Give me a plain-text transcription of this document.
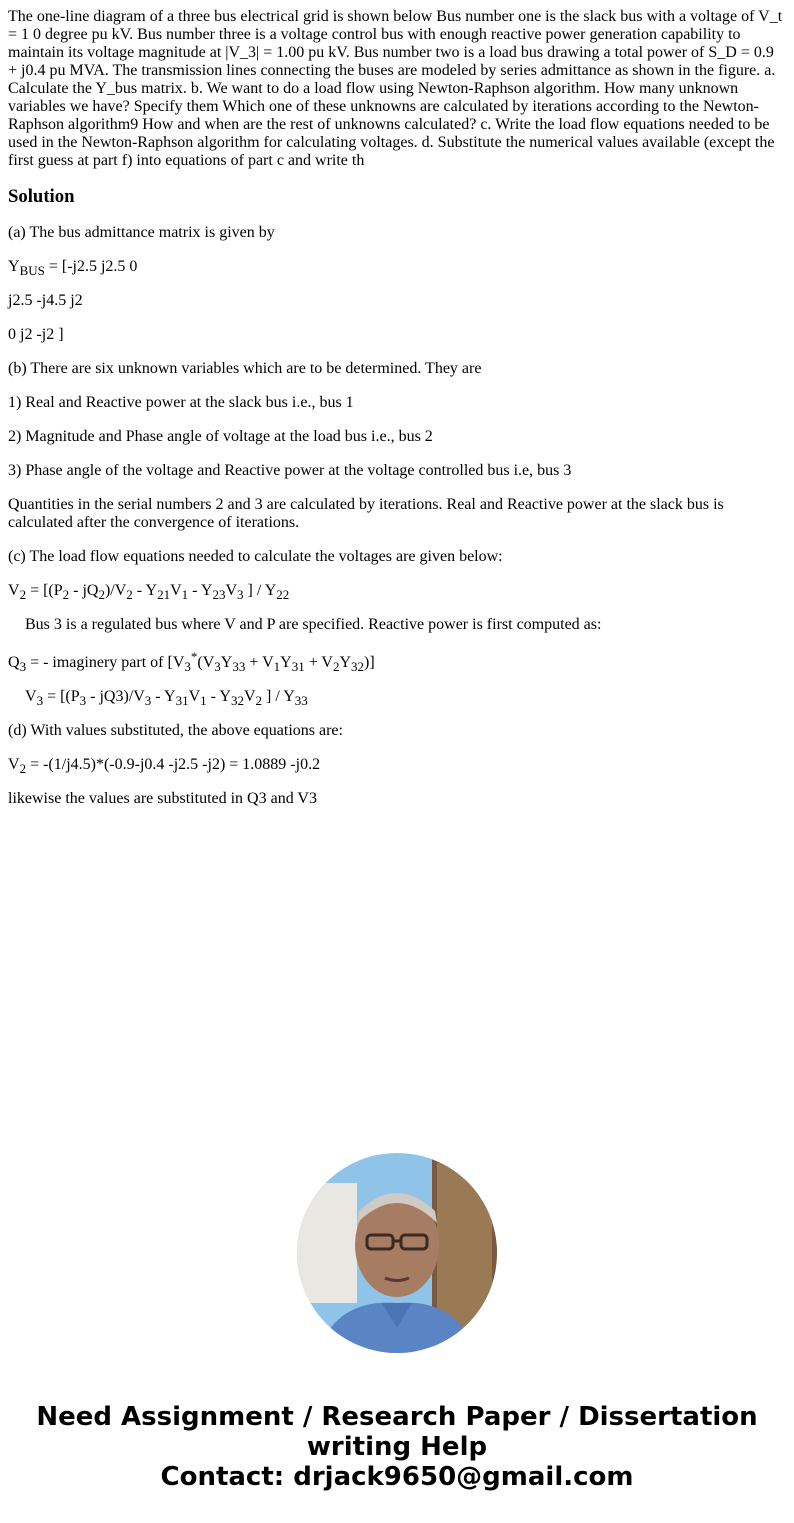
The one-line diagram of a three bus electrical grid is shown below Bus number one is the slack bus with a voltage of V_t = 1 0 degree pu kV. Bus number three is a voltage control bus with enough reactive power generation capability to maintain its voltage magnitude at |V_3| = 1.00 pu kV. Bus number two is a load bus drawing a total power of S_D = 0.9 + j0.4 pu MVA. The transmission lines connecting the buses are modeled by series admittance as shown in the figure. a. Calculate the Y_bus matrix. b. We want to do a load flow using Newton-Raphson algorithm. How many unknown variables we have? Specify them Which one of these unknowns are calculated by iterations according to the Newton-Raphson algorithm9 How and when are the rest of unknowns calculated? c. Write the load flow equations needed to be used in the Newton-Raphson algorithm for calculating voltages. d. Substitute the numerical values available (except the first guess at part f) into equations of part c and write th

Solution

(a) The bus admittance matrix is given by

$Y_{BUS} = [-j2.5$ j2.5 0

j2.5 -j4.5 j2

0 j2 -j2 ]

(b) There are six unknown variables which are to be determined. They are

1) Real and Reactive power at the slack bus i.e., bus 1

2) Magnitude and Phase angle of voltage at the load bus i.e., bus 2

3) Phase angle of the voltage and Reactive power at the voltage controlled bus i.e, bus 3

Quantities in the serial numbers 2 and 3 are calculated by iterations. Real and Reactive power at the slack bus is calculated after the convergence of iterations.

(c) The load flow equations needed to calculate the voltages are given below:

$V_2 = [(P_2 - jQ_2)/V_2 - Y_{21}V_1 - Y_{23}V_3$ ] / $Y_{22}$

Bus 3 is a regulated bus where V and P are specified. Reactive power is first computed as:

$Q_3$ = - imaginery part of $[V_3^*(V_3Y_{33} + V_1Y_{31} + V_2Y_{32})]$

$V_3 = [(P_3 - jQ3)/V_3 - Y_{31}V_1 - Y_{32}V_2$ ] / $Y_{33}$

(d) With values substituted, the above equations are:

$V_2 = -(1/j4.5)*(-0.9-j0.4$ -j2.5 -j2) = 1.0889 -j0.2

likewise the values are substituted in Q3 and V3

Need Assignment / Research Paper / Dissertation
writing Help
Contact: drjack9650@gmail.com
